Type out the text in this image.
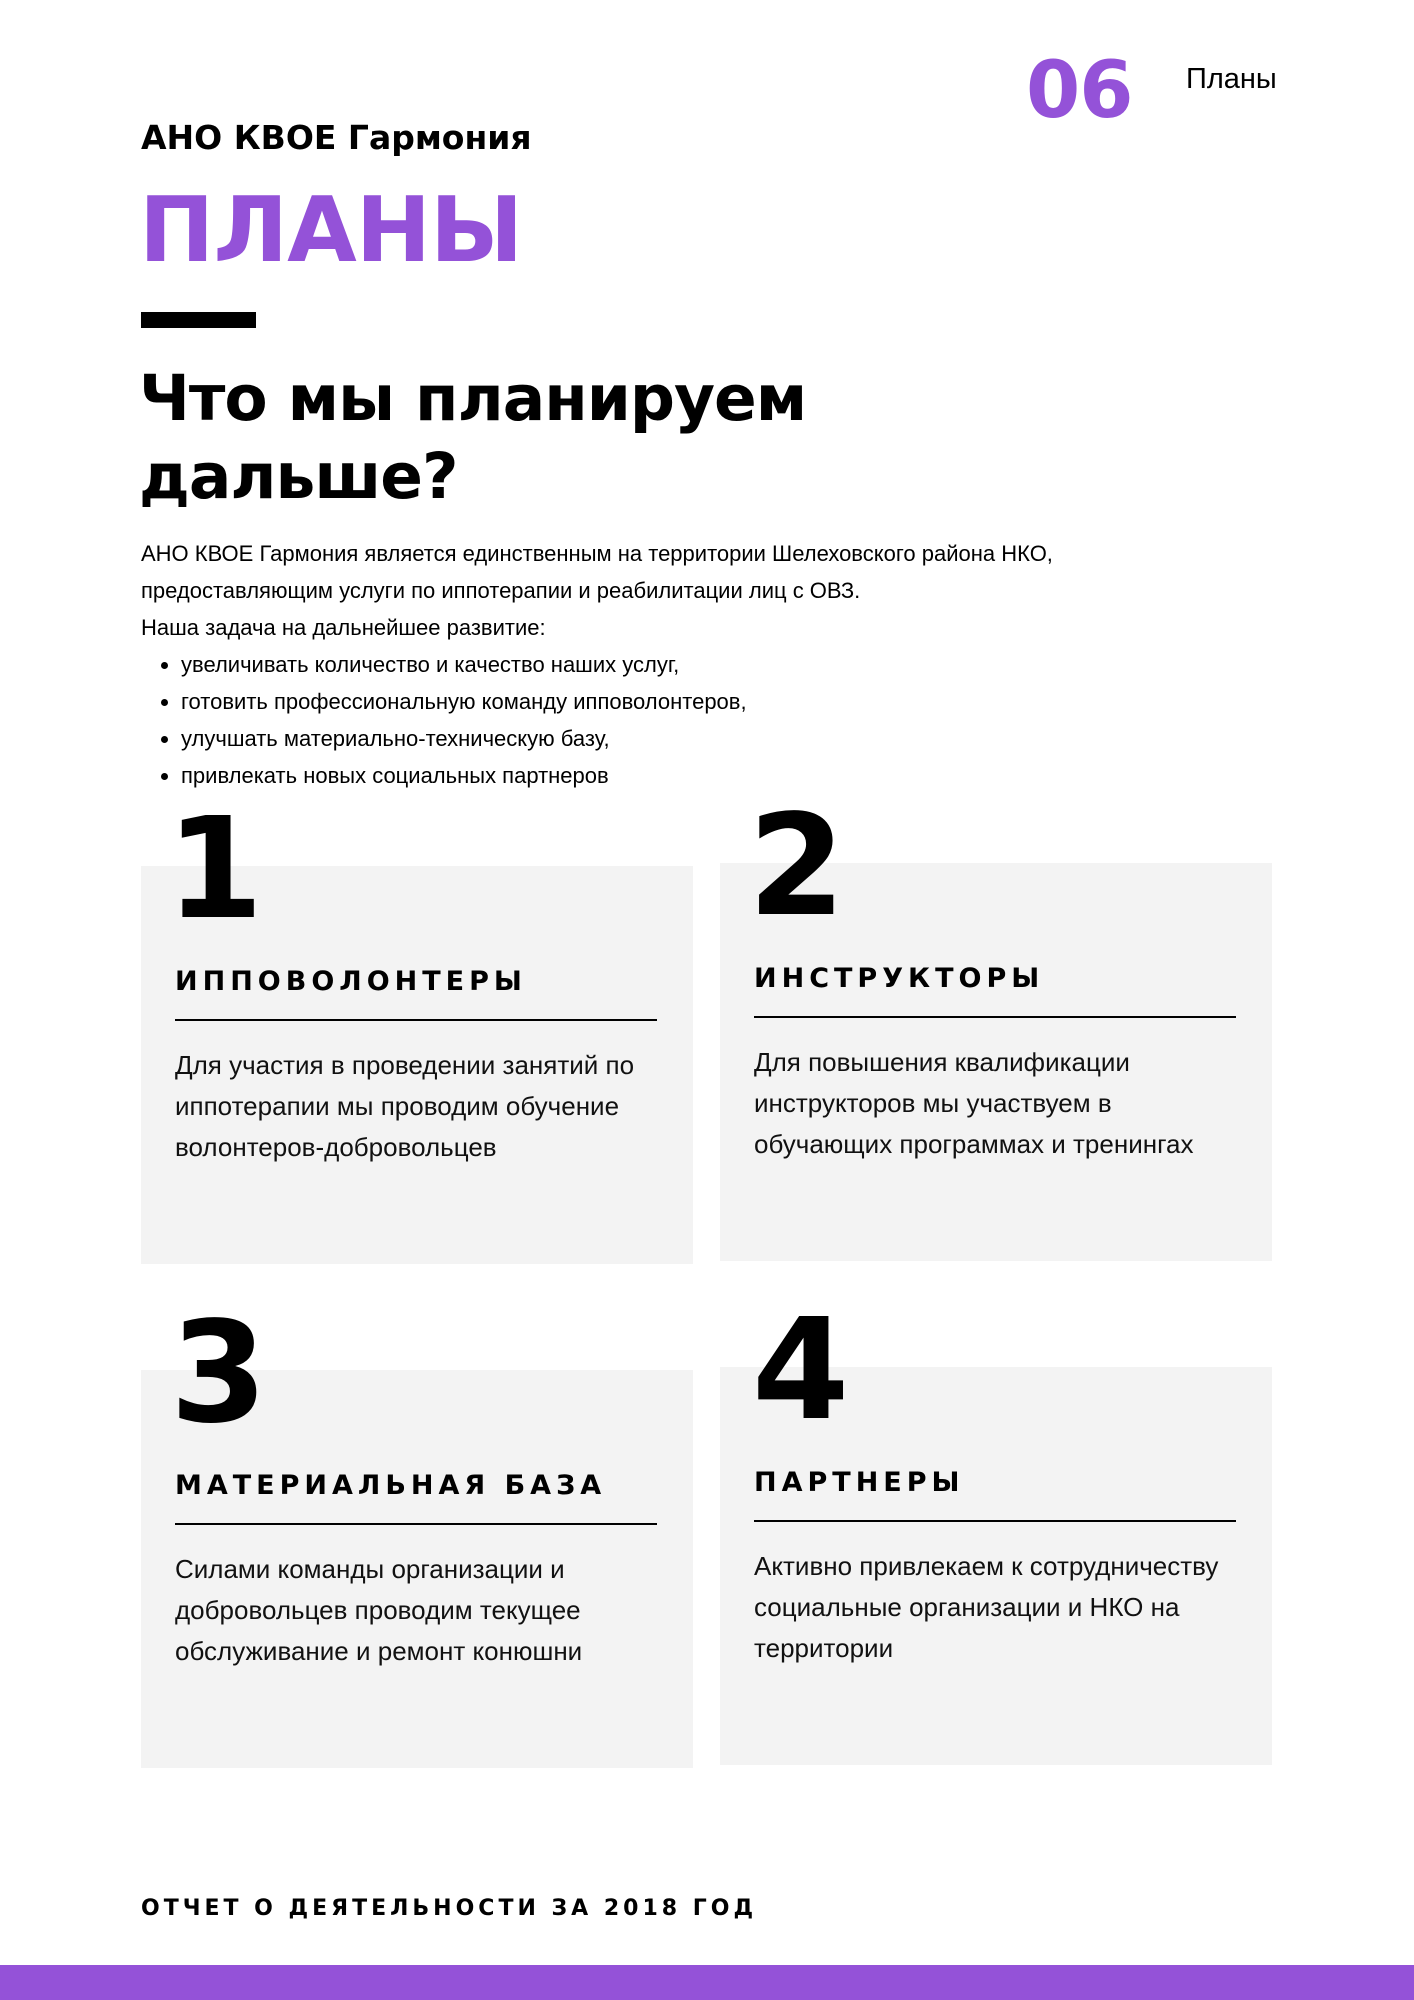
06 Планы
АНО КВОЕ Гармония
ПЛАНЫ
Что мы планируем дальше?

АНО КВОЕ Гармония является единственным на территории Шелеховского района НКО,

предоставляющим услуги по иппотерапии и реабилитации лиц с ОВЗ.

Наша задача на дальнейшее развитие:

• увеличивать количество и качество наших услуг,
• готовить профессиональную команду ипповолонтеров,
• улучшать материально-техническую базу,
• привлекать новых социальных партнеров
1
ИППОВОЛОНТЕРЫ
Для участия в проведении занятий по иппотерапии мы проводим обучение волонтеров-добровольцев
2
ИНСТРУКТОРЫ
Для повышения квалификации инструкторов мы участвуем в обучающих программах и тренингах
3
МАТЕРИАЛЬНАЯ БАЗА
Силами команды организации и добровольцев проводим текущее обслуживание и ремонт конюшни
4
ПАРТНЕРЫ
Активно привлекаем к сотрудничеству социальные организации и НКО на территории
ОТЧЕТ О ДЕЯТЕЛЬНОСТИ ЗА 2018 ГОД
